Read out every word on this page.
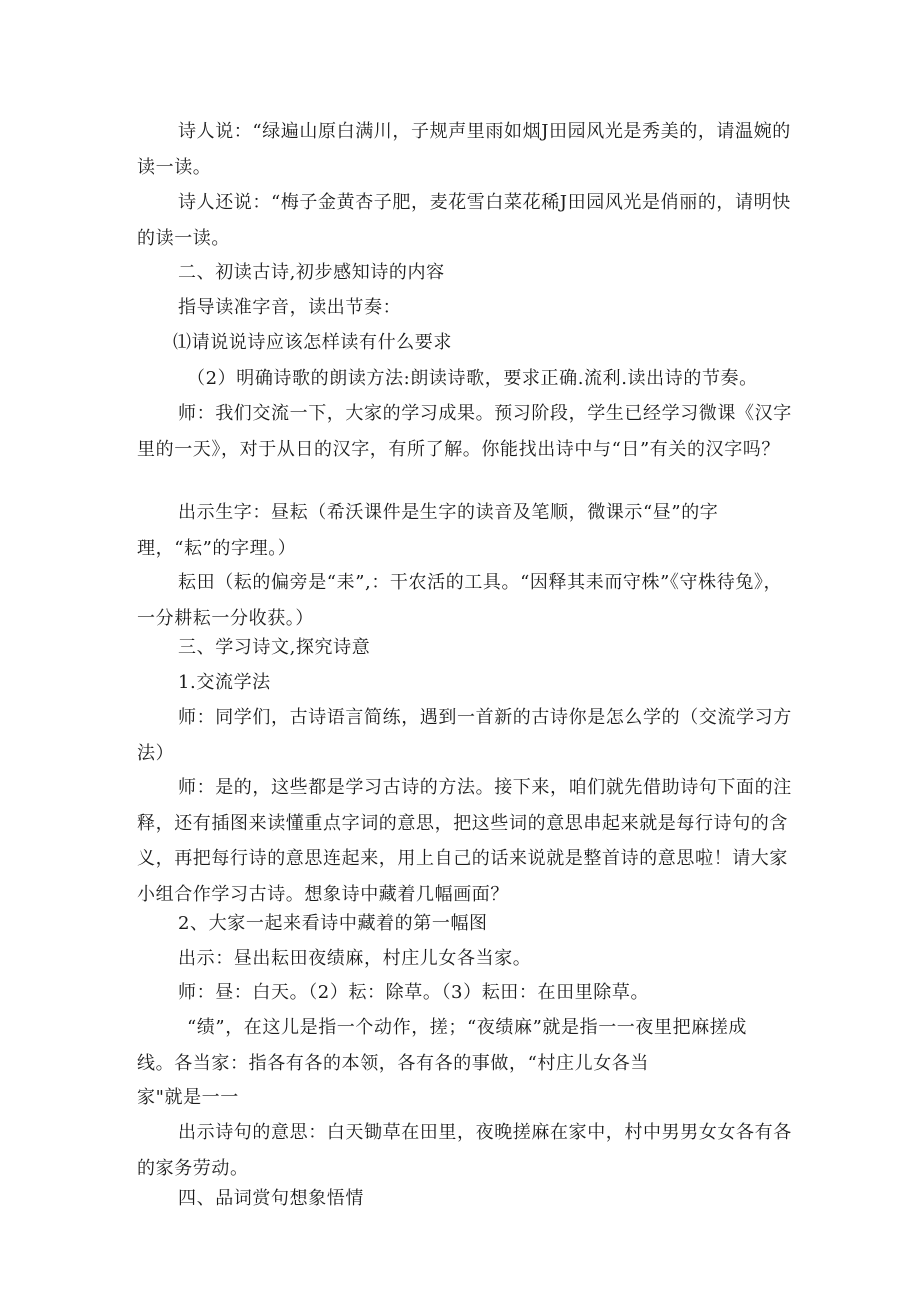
诗人说：“绿遍山原白满川，子规声里雨如烟J田园风光是秀美的，请温婉的读一读。

诗人还说：“梅子金黄杏子肥，麦花雪白菜花稀J田园风光是俏丽的，请明快的读一读。

二、初读古诗,初步感知诗的内容

指导读准字音，读出节奏：

⑴请说说诗应该怎样读有什么要求

（2）明确诗歌的朗读方法:朗读诗歌，要求正确.流利.读出诗的节奏。

师：我们交流一下，大家的学习成果。预习阶段，学生已经学习微课《汉字里的一天》，对于从日的汉字，有所了解。你能找出诗中与“日”有关的汉字吗？

出示生字：昼耘（希沃课件是生字的读音及笔顺，微课示“昼”的字理，“耘”的字理。）

耘田（耘的偏旁是“耒”,：干农活的工具。“因释其耒而守株”《守株待兔》，一分耕耘一分收获。）

三、学习诗文,探究诗意

1.交流学法

师：同学们，古诗语言简练，遇到一首新的古诗你是怎么学的（交流学习方法）

师：是的，这些都是学习古诗的方法。接下来，咱们就先借助诗句下面的注释，还有插图来读懂重点字词的意思，把这些词的意思串起来就是每行诗句的含义，再把每行诗的意思连起来，用上自己的话来说就是整首诗的意思啦！请大家小组合作学习古诗。想象诗中藏着几幅画面？

2、大家一起来看诗中藏着的第一幅图

出示：昼出耘田夜绩麻，村庄儿女各当家。

师：昼：白天。（2）耘：除草。（3）耘田：在田里除草。

“绩”，在这儿是指一个动作，搓；“夜绩麻”就是指一一夜里把麻搓成线。各当家：指各有各的本领，各有各的事做，“村庄儿女各当

家"就是一一

出示诗句的意思：白天锄草在田里，夜晚搓麻在家中，村中男男女女各有各的家务劳动。

四、品词赏句想象悟情
